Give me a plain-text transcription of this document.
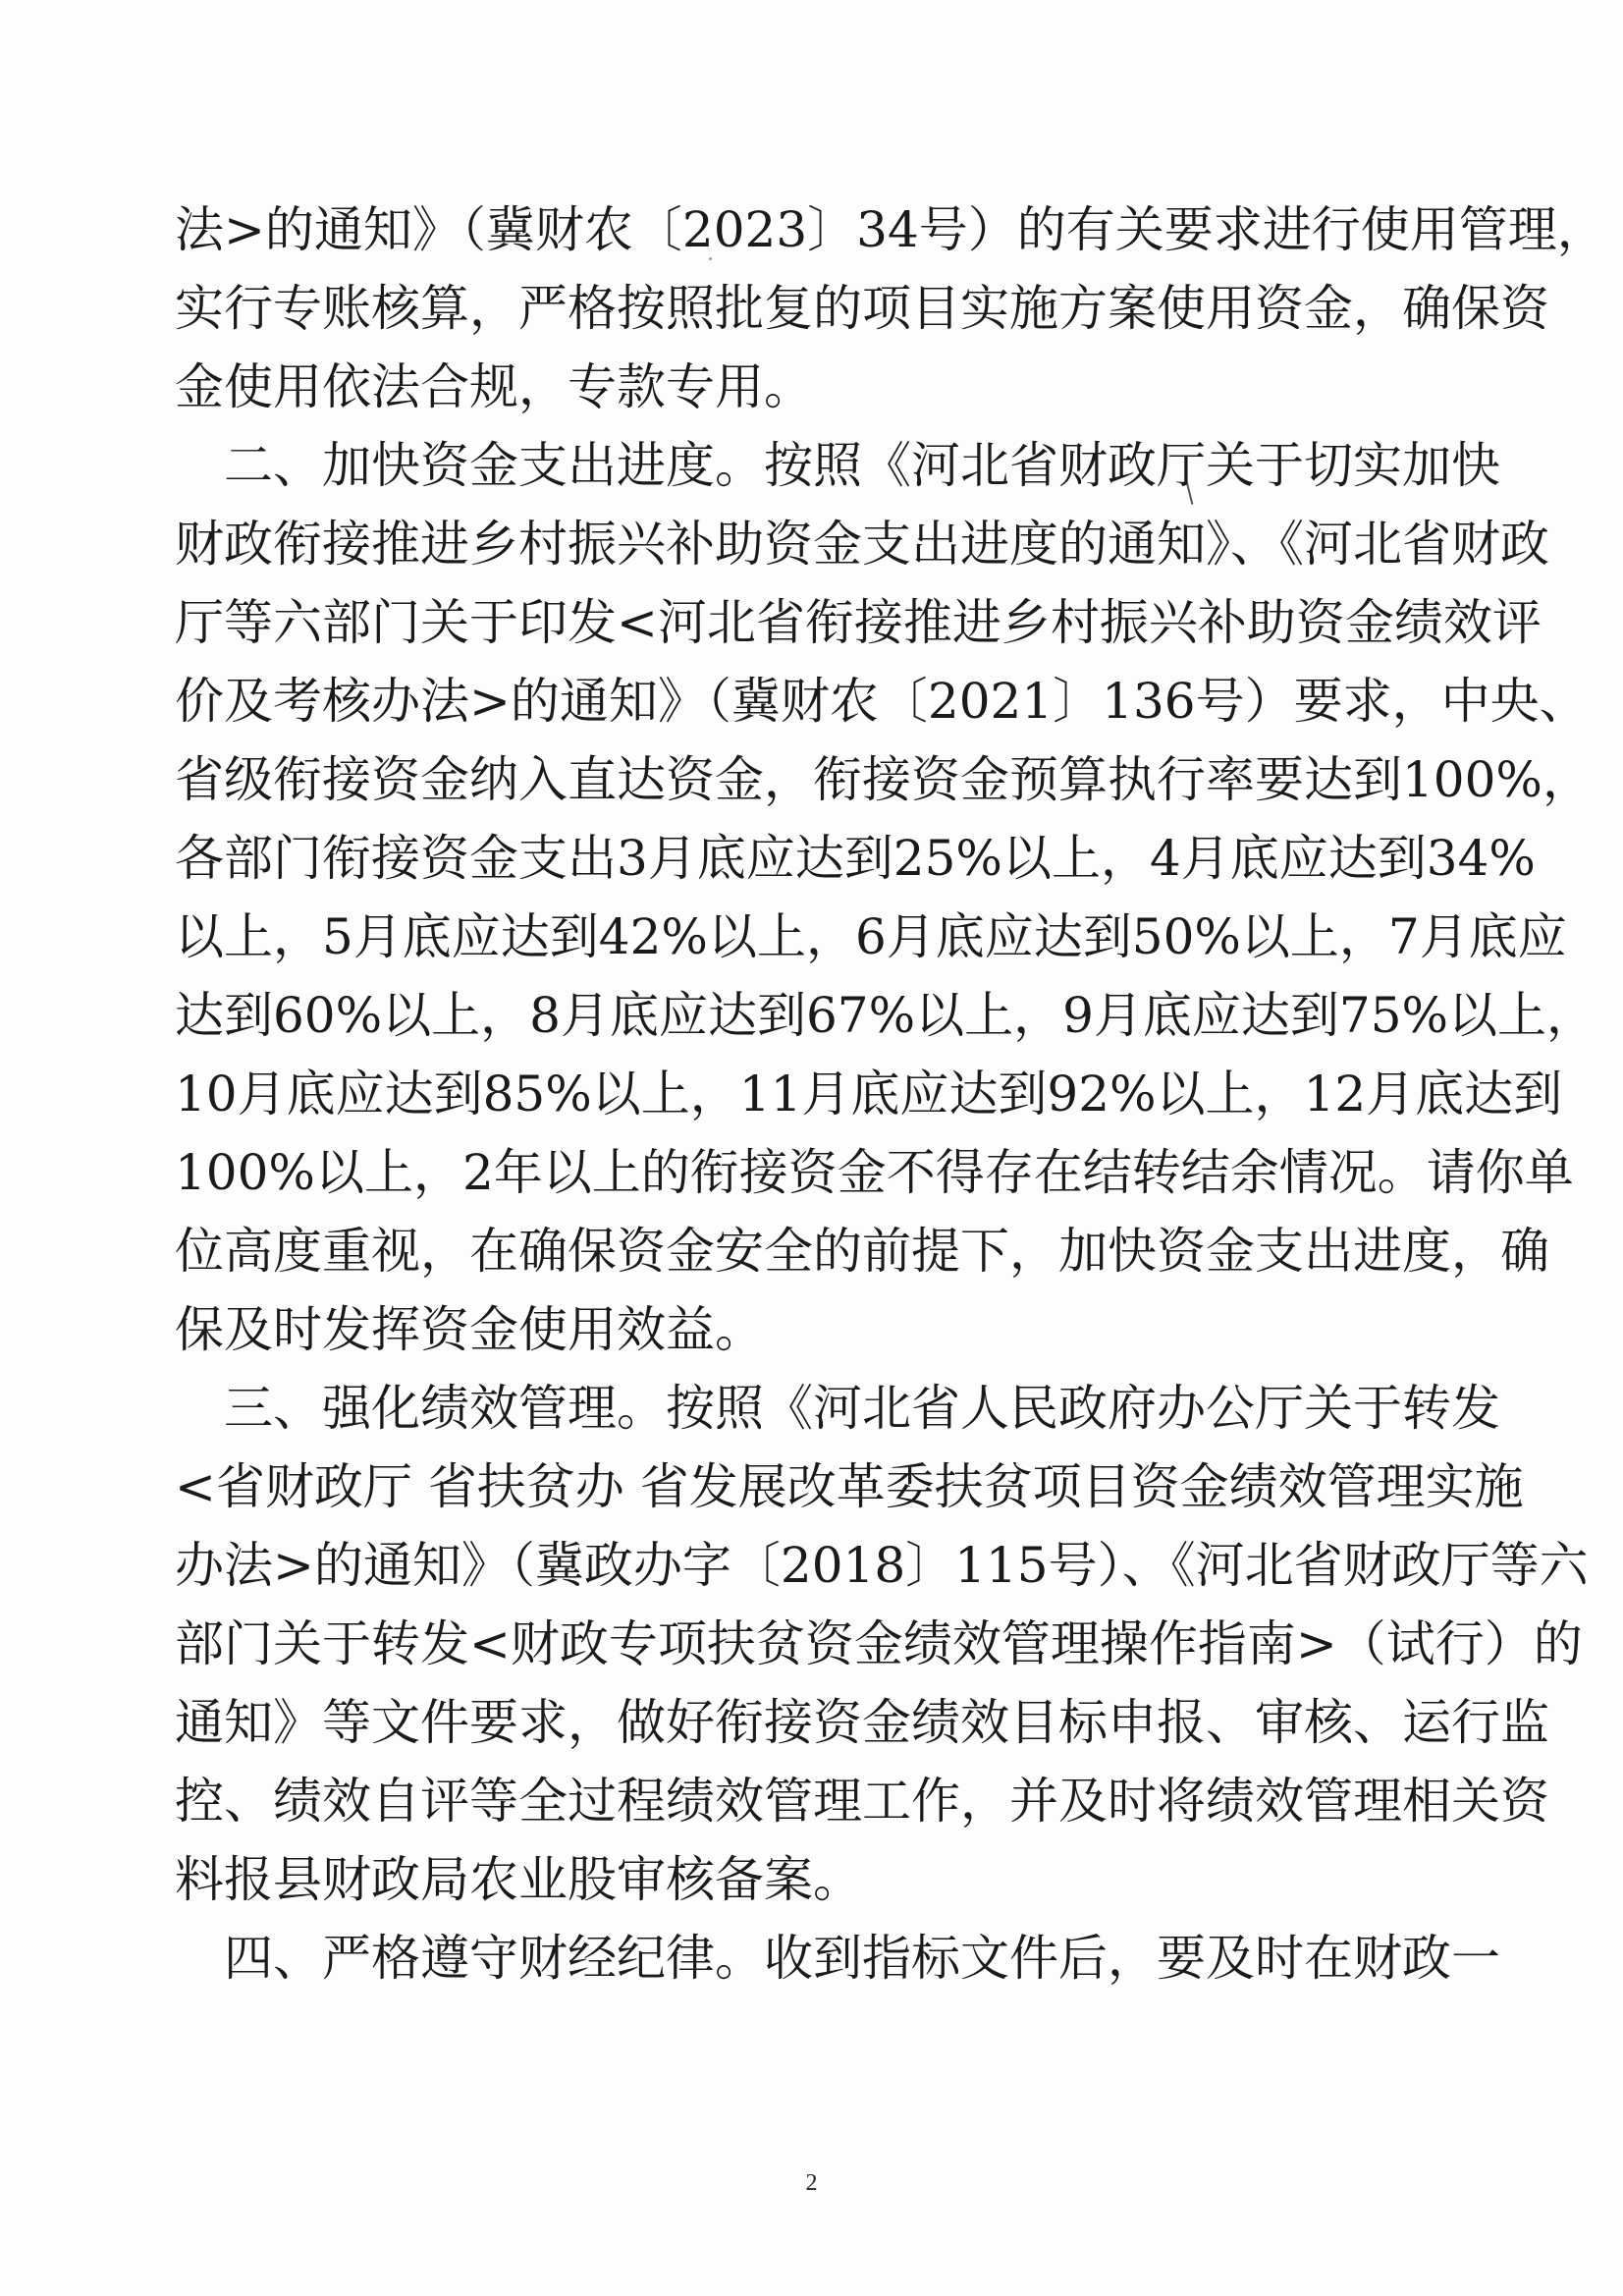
法>的通知》（冀财农〔2023〕34号）的有关要求进行使用管理，
实行专账核算，严格按照批复的项目实施方案使用资金，确保资
金使用依法合规，专款专用。
　二、加快资金支出进度。按照《河北省财政厅关于切实加快
财政衔接推进乡村振兴补助资金支出进度的通知》、《河北省财政
厅等六部门关于印发<河北省衔接推进乡村振兴补助资金绩效评
价及考核办法>的通知》（冀财农〔2021〕136号）要求，中央、
省级衔接资金纳入直达资金，衔接资金预算执行率要达到100%，
各部门衔接资金支出3月底应达到25%以上，4月底应达到34%
以上，5月底应达到42%以上，6月底应达到50%以上，7月底应
达到60%以上，8月底应达到67%以上，9月底应达到75%以上，
10月底应达到85%以上，11月底应达到92%以上，12月底达到
100%以上，2年以上的衔接资金不得存在结转结余情况。请你单
位高度重视，在确保资金安全的前提下，加快资金支出进度，确
保及时发挥资金使用效益。
　三、强化绩效管理。按照《河北省人民政府办公厅关于转发
<省财政厅 省扶贫办 省发展改革委扶贫项目资金绩效管理实施
办法>的通知》（冀政办字〔2018〕115号）、《河北省财政厅等六
部门关于转发<财政专项扶贫资金绩效管理操作指南>（试行）的
通知》等文件要求，做好衔接资金绩效目标申报、审核、运行监
控、绩效自评等全过程绩效管理工作，并及时将绩效管理相关资
料报县财政局农业股审核备案。
　四、严格遵守财经纪律。收到指标文件后，要及时在财政一
2
